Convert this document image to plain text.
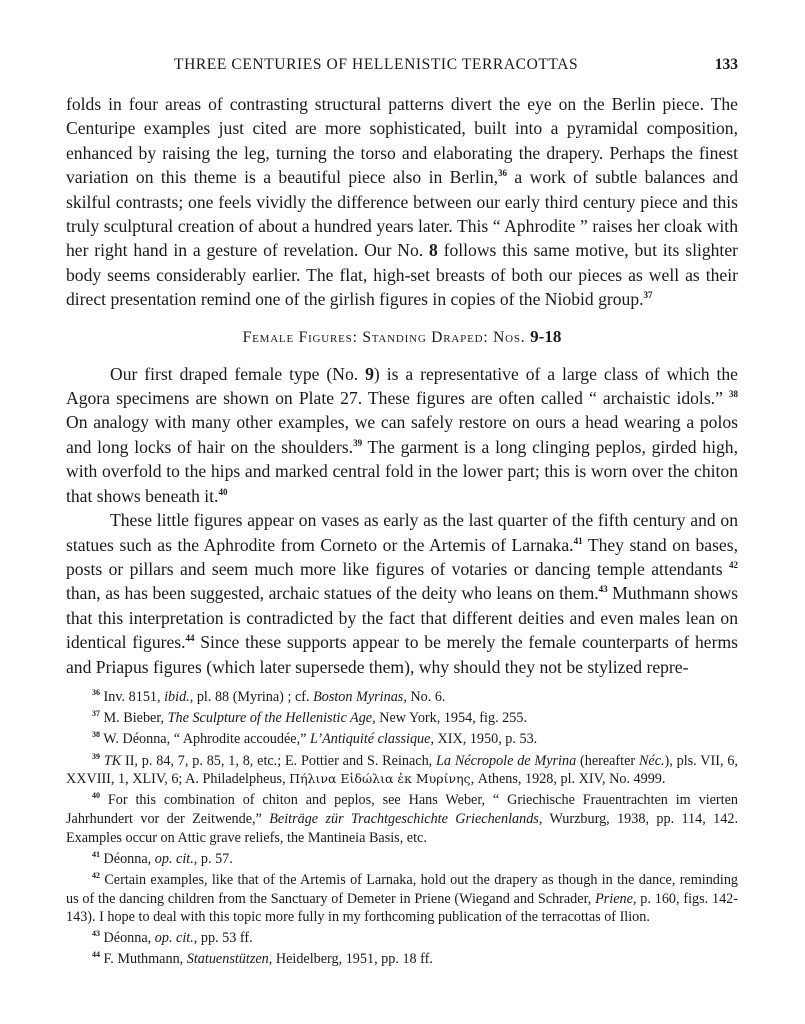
THREE CENTURIES OF HELLENISTIC TERRACOTTAS	133

folds in four areas of contrasting structural patterns divert the eye on the Berlin piece. The Centuripe examples just cited are more sophisticated, built into a pyramidal composition, enhanced by raising the leg, turning the torso and elaborating the drapery. Perhaps the finest variation on this theme is a beautiful piece also in Berlin,$^{36}$ a work of subtle balances and skilful contrasts; one feels vividly the difference between our early third century piece and this truly sculptural creation of about a hundred years later. This “ Aphrodite ” raises her cloak with her right hand in a gesture of revelation. Our No. 8 follows this same motive, but its slighter body seems considerably earlier. The flat, high-set breasts of both our pieces as well as their direct presentation remind one of the girlish figures in copies of the Niobid group.$^{37}$

Female Figures: Standing Draped: Nos. 9-18

Our first draped female type (No. 9) is a representative of a large class of which the Agora specimens are shown on Plate 27. These figures are often called “ archaistic idols.” $^{38}$ On analogy with many other examples, we can safely restore on ours a head wearing a polos and long locks of hair on the shoulders.$^{39}$ The garment is a long clinging peplos, girded high, with overfold to the hips and marked central fold in the lower part; this is worn over the chiton that shows beneath it.$^{40}$

These little figures appear on vases as early as the last quarter of the fifth century and on statues such as the Aphrodite from Corneto or the Artemis of Larnaka.$^{41}$ They stand on bases, posts or pillars and seem much more like figures of votaries or dancing temple attendants $^{42}$ than, as has been suggested, archaic statues of the deity who leans on them.$^{43}$ Muthmann shows that this interpretation is contradicted by the fact that different deities and even males lean on identical figures.$^{44}$ Since these supports appear to be merely the female counterparts of herms and Priapus figures (which later supersede them), why should they not be stylized repre-

$^{36}$ Inv. 8151, ibid., pl. 88 (Myrina) ; cf. Boston Myrinas, No. 6.

$^{37}$ M. Bieber, The Sculpture of the Hellenistic Age, New York, 1954, fig. 255.

$^{38}$ W. Déonna, “ Aphrodite accoudée,” L’Antiquité classique, XIX, 1950, p. 53.

$^{39}$ TK II, p. 84, 7, p. 85, 1, 8, etc.; E. Pottier and S. Reinach, La Nécropole de Myrina (hereafter Néc.), pls. VII, 6, XXVIII, 1, XLIV, 6; A. Philadelpheus, Πήλινα Εἰδώλια ἐκ Μυρίνης, Athens, 1928, pl. XIV, No. 4999.

$^{40}$ For this combination of chiton and peplos, see Hans Weber, “ Griechische Frauentrachten im vierten Jahrhundert vor der Zeitwende,” Beiträge zür Trachtgeschichte Griechenlands, Wurzburg, 1938, pp. 114, 142. Examples occur on Attic grave reliefs, the Mantineia Basis, etc.

$^{41}$ Déonna, op. cit., p. 57.

$^{42}$ Certain examples, like that of the Artemis of Larnaka, hold out the drapery as though in the dance, reminding us of the dancing children from the Sanctuary of Demeter in Priene (Wiegand and Schrader, Priene, p. 160, figs. 142-143). I hope to deal with this topic more fully in my forthcoming publication of the terracottas of Ilion.

$^{43}$ Déonna, op. cit., pp. 53 ff.

$^{44}$ F. Muthmann, Statuenstützen, Heidelberg, 1951, pp. 18 ff.
